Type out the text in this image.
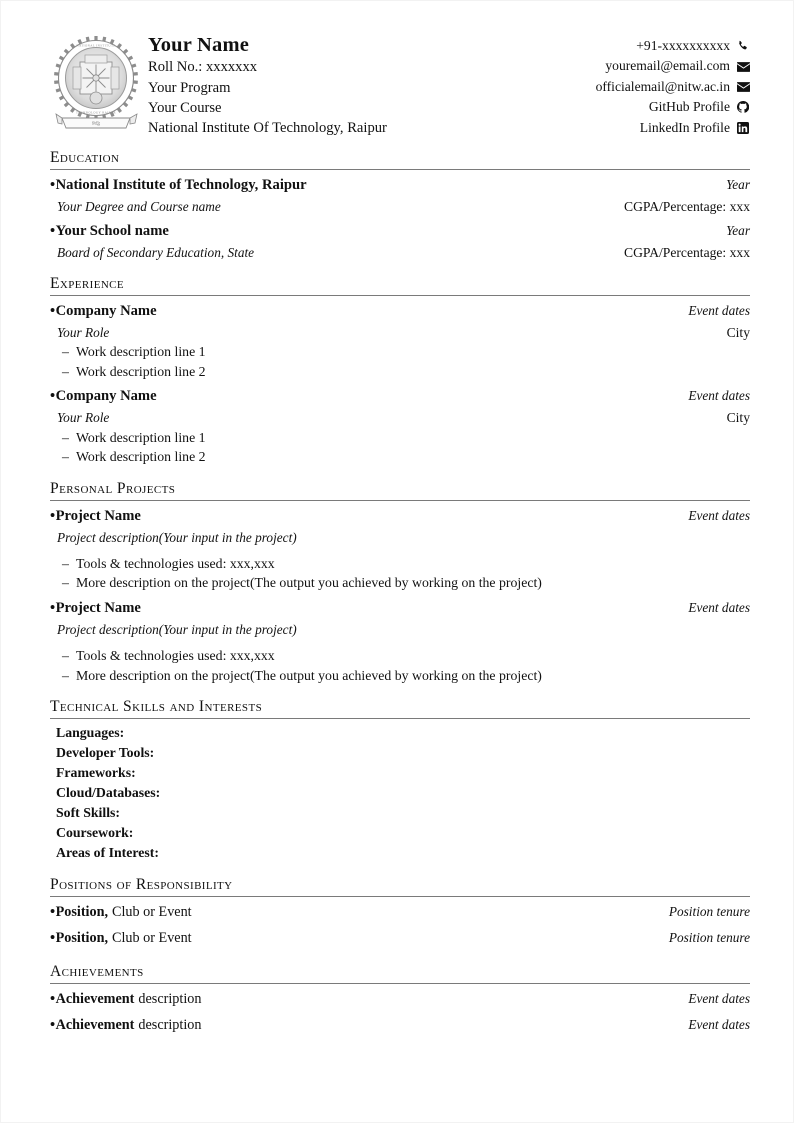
NATIONAL INSTITUTE
TECHNOLOGY RAIPUR
सिद्धि
Your Name
Roll No.: xxxxxxx
Your Program
Your Course
National Institute Of Technology, Raipur
+91-xxxxxxxxxx
youremail@email.com
officialemail@nitw.ac.in
GitHub Profile
LinkedIn Profile
Education
•National Institute of Technology, Raipur	Year
Your Degree and Course name	CGPA/Percentage: xxx
•Your School name	Year
Board of Secondary Education, State	CGPA/Percentage: xxx
Experience
•Company Name	Event dates
Your Role	City
– Work description line 1
– Work description line 2
•Company Name	Event dates
Your Role	City
– Work description line 1
– Work description line 2
Personal Projects
•Project Name	Event dates
Project description(Your input in the project)
– Tools & technologies used: xxx,xxx
– More description on the project(The output you achieved by working on the project)
•Project Name	Event dates
Project description(Your input in the project)
– Tools & technologies used: xxx,xxx
– More description on the project(The output you achieved by working on the project)
Technical Skills and Interests
Languages:
Developer Tools:
Frameworks:
Cloud/Databases:
Soft Skills:
Coursework:
Areas of Interest:
Positions of Responsibility
•Position, Club or Event	Position tenure
•Position, Club or Event	Position tenure
Achievements
•Achievement description	Event dates
•Achievement description	Event dates
